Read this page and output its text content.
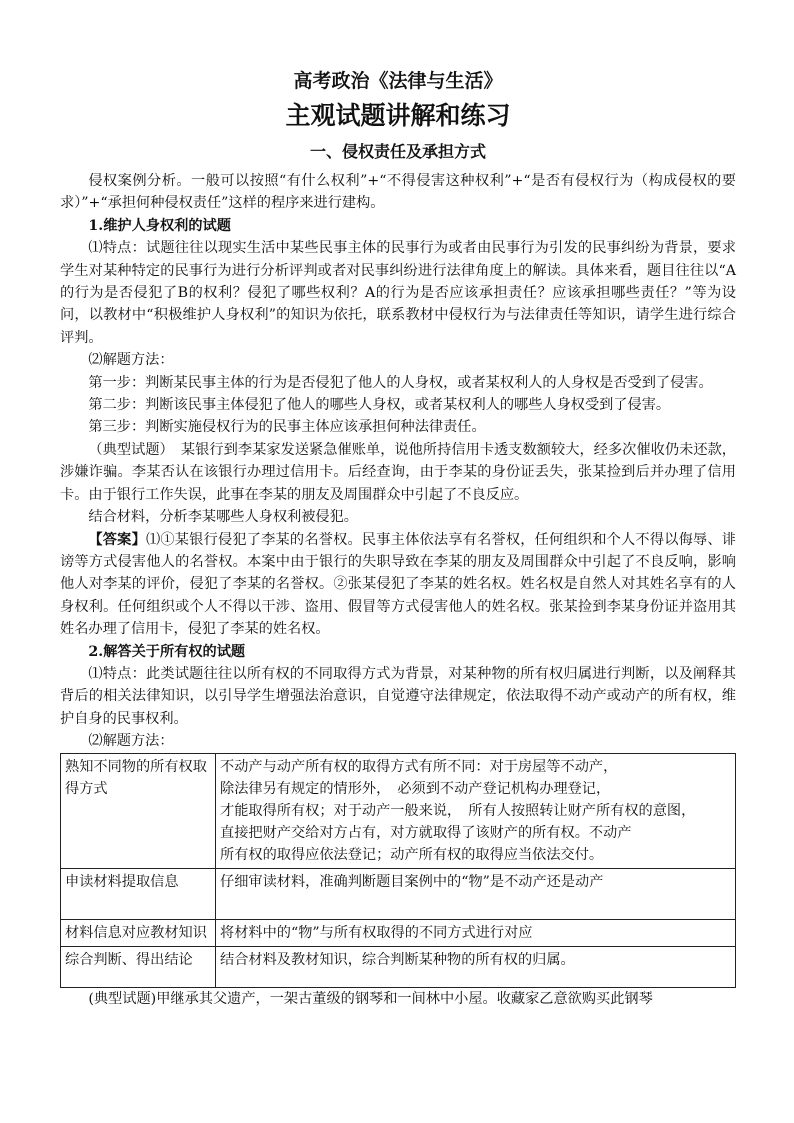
高考政治《法律与生活》
主观试题讲解和练习
一、侵权责任及承担方式

侵权案例分析。一般可以按照“有什么权利”+“不得侵害这种权利”+“是否有侵权行为（构成侵权的要求）”+“承担何种侵权责任”这样的程序来进行建构。

1.维护人身权利的试题

⑴特点：试题往往以现实生活中某些民事主体的民事行为或者由民事行为引发的民事纠纷为背景，要求学生对某种特定的民事行为进行分析评判或者对民事纠纷进行法律角度上的解读。具体来看，题目往往以“A的行为是否侵犯了B的权利？侵犯了哪些权利？A的行为是否应该承担责任？应该承担哪些责任？”等为设问，以教材中“积极维护人身权利”的知识为依托，联系教材中侵权行为与法律责任等知识，请学生进行综合评判。

⑵解题方法：

第一步：判断某民事主体的行为是否侵犯了他人的人身权，或者某权利人的人身权是否受到了侵害。

第二步：判断该民事主体侵犯了他人的哪些人身权，或者某权利人的哪些人身权受到了侵害。

第三步：判断实施侵权行为的民事主体应该承担何种法律责任。

（典型试题）　某银行到李某家发送紧急催账单，说他所持信用卡透支数额较大，经多次催收仍未还款，涉嫌诈骗。李某否认在该银行办理过信用卡。后经查询，由于李某的身份证丢失，张某捡到后并办理了信用卡。由于银行工作失误，此事在李某的朋友及周围群众中引起了不良反应。

结合材料，分析李某哪些人身权利被侵犯。

【答案】⑴①某银行侵犯了李某的名誉权。民事主体依法享有名誉权，任何组织和个人不得以侮辱、诽谤等方式侵害他人的名誉权。本案中由于银行的失职导致在李某的朋友及周围群众中引起了不良反响，影响他人对李某的评价，侵犯了李某的名誉权。②张某侵犯了李某的姓名权。姓名权是自然人对其姓名享有的人身权利。任何组织或个人不得以干涉、盗用、假冒等方式侵害他人的姓名权。张某捡到李某身份证并盗用其姓名办理了信用卡，侵犯了李某的姓名权。

2.解答关于所有权的试题

⑴特点：此类试题往往以所有权的不同取得方式为背景，对某种物的所有权归属进行判断，以及阐释其背后的相关法律知识，以引导学生增强法治意识，自觉遵守法律规定，依法取得不动产或动产的所有权，维护自身的民事权利。

⑵解题方法：

熟知不同物的所有权取得方式	不动产与动产所有权的取得方式有所不同：对于房屋等不动产，
除法律另有规定的情形外，　必须到不动产登记机构办理登记，
才能取得所有权；对于动产一般来说，　所有人按照转让财产所有权的意图，
直接把财产交给对方占有，对方就取得了该财产的所有权。不动产
所有权的取得应依法登记；动产所有权的取得应当依法交付。

申读材料提取信息	仔细审读材料，准确判断题目案例中的“物”是不动产还是动产

材料信息对应教材知识	将材料中的“物”与所有权取得的不同方式进行对应

综合判断、得出结论	结合材料及教材知识，综合判断某种物的所有权的归属。

(典型试题)甲继承其父遗产，一架古董级的钢琴和一间林中小屋。收藏家乙意欲购买此钢琴
